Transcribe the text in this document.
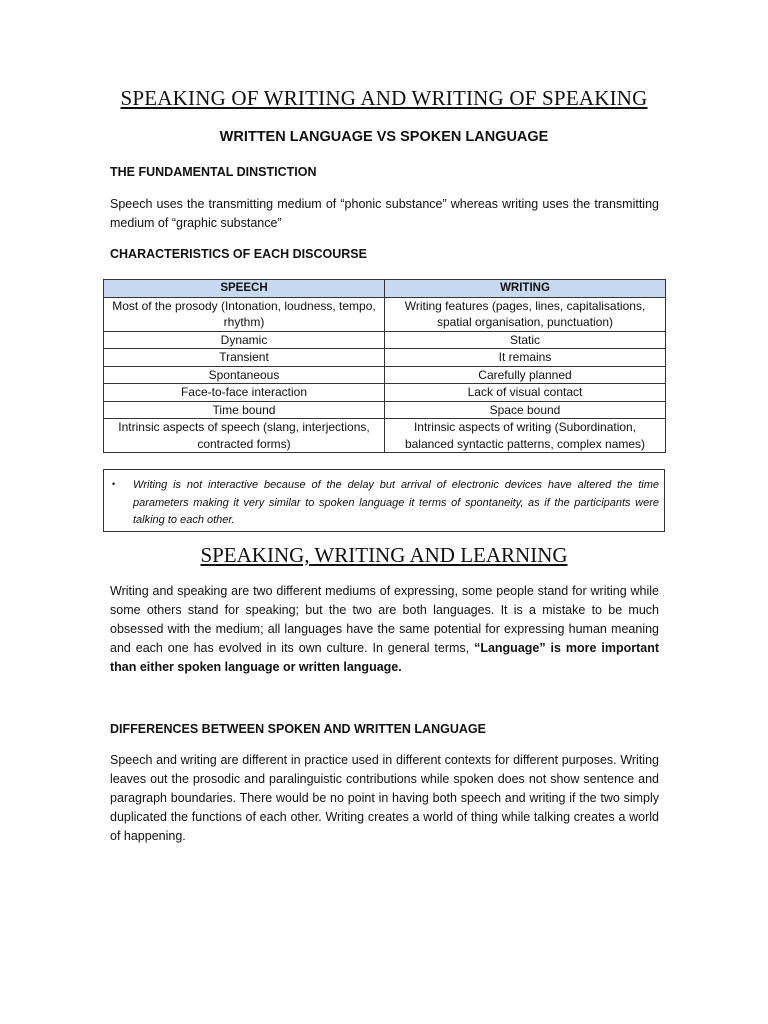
SPEAKING OF WRITING AND WRITING OF SPEAKING
WRITTEN LANGUAGE VS SPOKEN LANGUAGE
THE FUNDAMENTAL DINSTICTION
Speech uses the transmitting medium of “phonic substance” whereas writing uses the transmitting medium of “graphic substance”
CHARACTERISTICS OF EACH DISCOURSE
SPEECH	WRITING
Most of the prosody (Intonation, loudness, tempo, rhythm)	Writing features (pages, lines, capitalisations, spatial organisation, punctuation)
Dynamic	Static
Transient	It remains
Spontaneous	Carefully planned
Face-to-face interaction	Lack of visual contact
Time bound	Space bound
Intrinsic aspects of speech (slang, interjections, contracted forms)	Intrinsic aspects of writing (Subordination, balanced syntactic patterns, complex names)
• Writing is not interactive because of the delay but arrival of electronic devices have altered the time parameters making it very similar to spoken language it terms of spontaneity, as if the participants were talking to each other.
SPEAKING, WRITING AND LEARNING
Writing and speaking are two different mediums of expressing, some people stand for writing while some others stand for speaking; but the two are both languages. It is a mistake to be much obsessed with the medium; all languages have the same potential for expressing human meaning and each one has evolved in its own culture. In general terms, “Language” is more important than either spoken language or written language.
DIFFERENCES BETWEEN SPOKEN AND WRITTEN LANGUAGE
Speech and writing are different in practice used in different contexts for different purposes. Writing leaves out the prosodic and paralinguistic contributions while spoken does not show sentence and paragraph boundaries. There would be no point in having both speech and writing if the two simply duplicated the functions of each other. Writing creates a world of thing while talking creates a world of happening.
